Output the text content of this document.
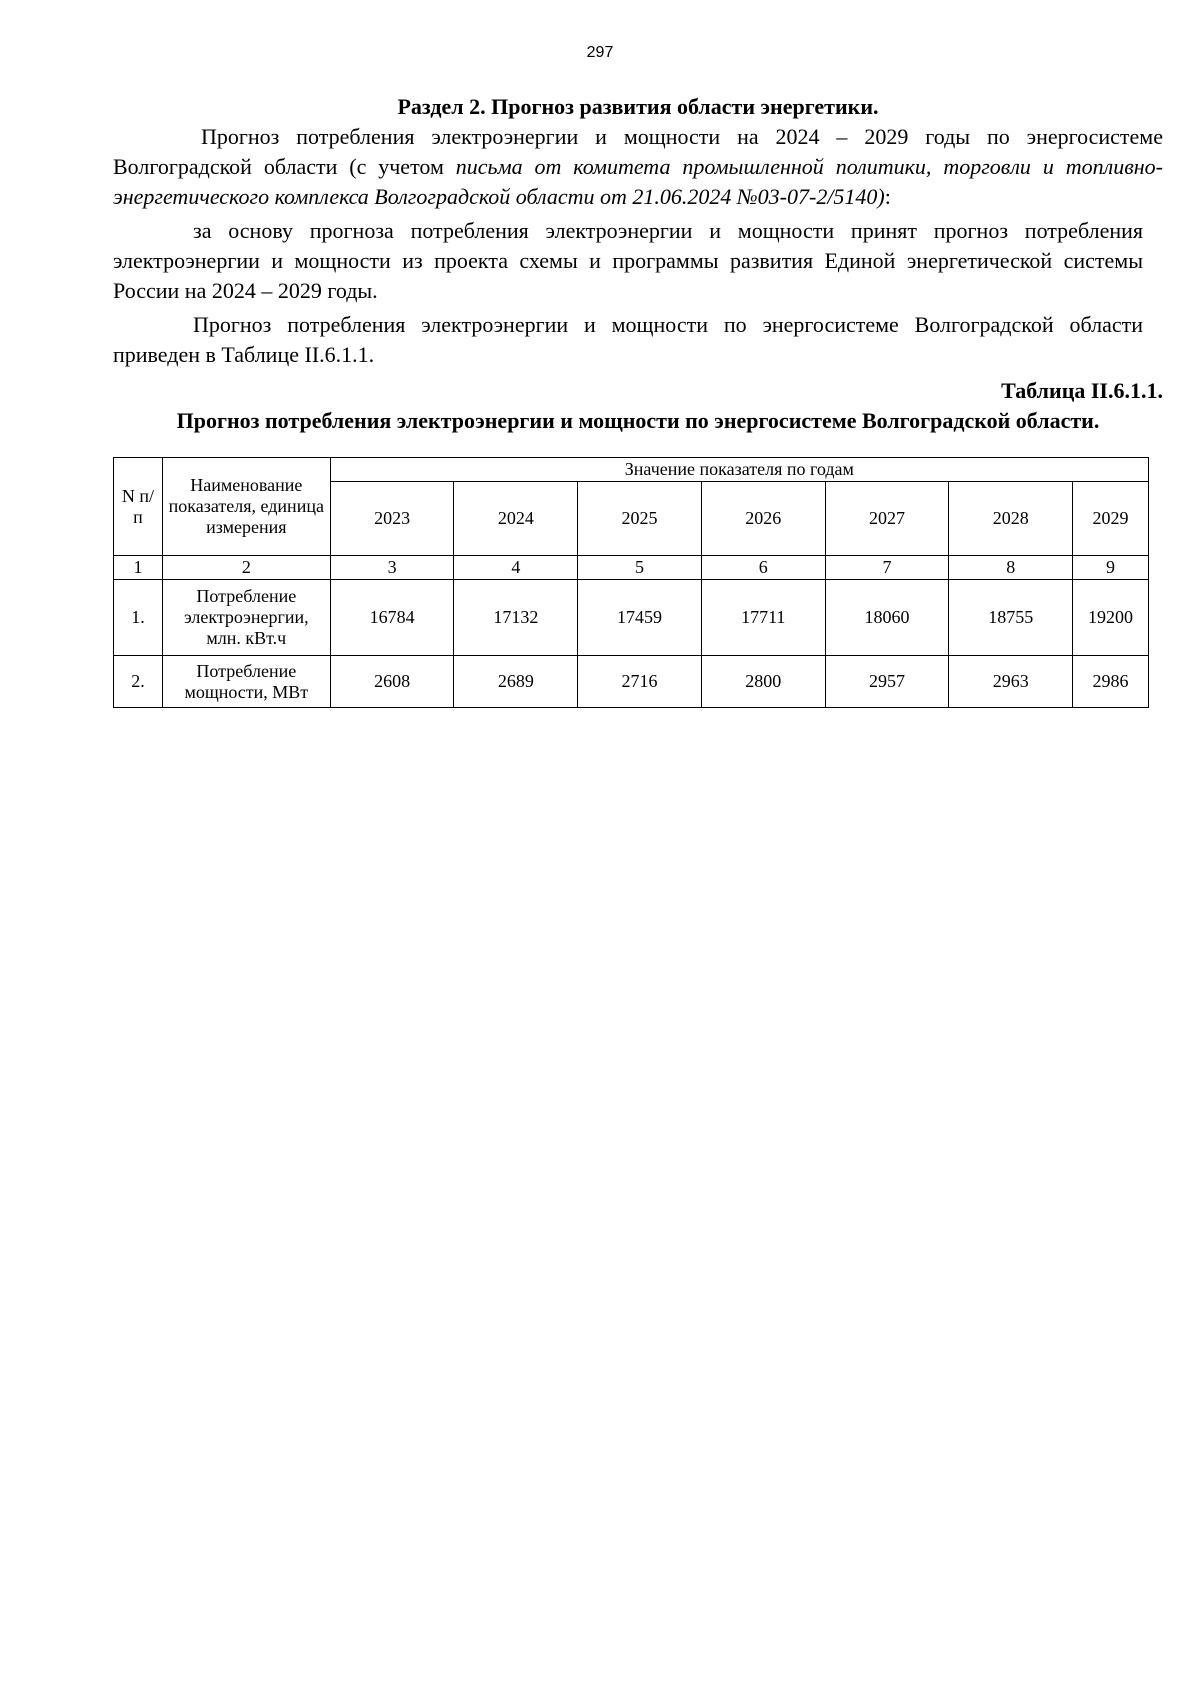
297
Раздел 2. Прогноз развития области энергетики.

Прогноз потребления электроэнергии и мощности на 2024 – 2029 годы по энергосистеме Волгоградской области (с учетом письма от комитета промышленной политики, торговли и топливно-энергетического комплекса Волгоградской области от 21.06.2024 №03-07-2/5140):

за основу прогноза потребления электроэнергии и мощности принят прогноз потребления электроэнергии и мощности из проекта схемы и программы развития Единой энергетической системы России на 2024 – 2029 годы.

Прогноз потребления электроэнергии и мощности по энергосистеме Волгоградской области приведен в Таблице II.6.1.1.

Таблица II.6.1.1.
Прогноз потребления электроэнергии и мощности по энергосистеме Волгоградской области.
N п/п	Наименование показателя, единица измерения	Значение показателя по годам						
		2023	2024	2025	2026	2027	2028	2029
1	2	3	4	5	6	7	8	9
1.	Потребление электроэнергии, млн. кВт.ч	16784	17132	17459	17711	18060	18755	19200
2.	Потребление мощности, МВт	2608	2689	2716	2800	2957	2963	2986
